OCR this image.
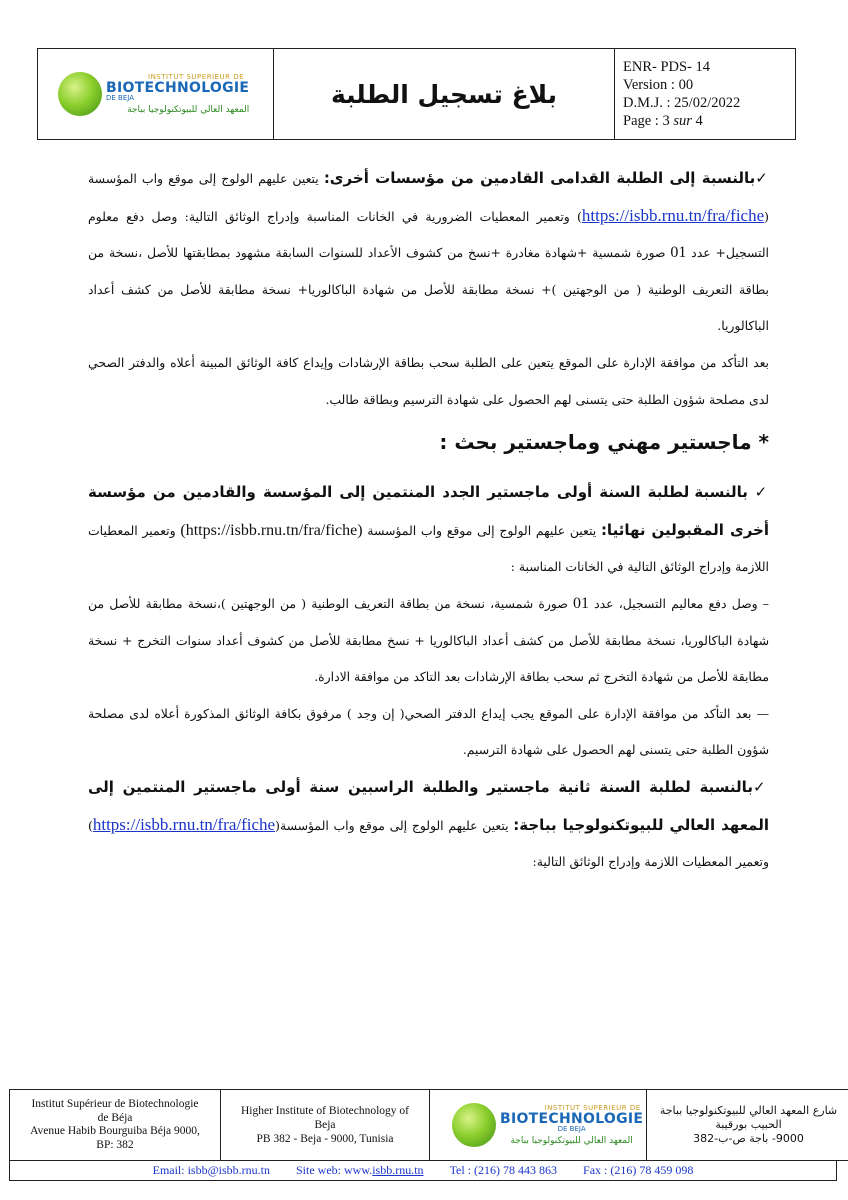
INSTITUT SUPERIEUR DE
BIOTECHNOLOGIE
DE BEJA
المعهد العالي للبيوتكنولوجيا بباجة
	بلاغ تسجيل الطلبة	
ENR- PDS- 14
Version : 00
D.M.J. : 25/02/2022
Page : 3 sur 4

✓بالنسبة إلى الطلبة القدامى القادمين من مؤسسات أخرى: يتعين عليهم الولوج إلى موقع واب المؤسسة (https://isbb.rnu.tn/fra/fiche) وتعمير المعطيات الضرورية في الخانات المناسبة وإدراج الوثائق التالية: وصل دفع معلوم التسجيل+ عدد 01 صورة شمسية +شهادة مغادرة +نسخ من كشوف الأعداد للسنوات السابقة مشهود بمطابقتها للأصل ،نسخة من بطاقة التعريف الوطنية ( من الوجهتين )+ نسخة مطابقة للأصل من شهادة الباكالوريا+ نسخة مطابقة للأصل من كشف أعداد الباكالوريا.

بعد التأكد من موافقة الإدارة على الموقع يتعين على الطلبة سحب بطاقة الإرشادات وإيداع كافة الوثائق المبينة أعلاه والدفتر الصحي لدى مصلحة شؤون الطلبة حتى يتسنى لهم الحصول على شهادة الترسيم وبطاقة طالب.

* ماجستير مهني وماجستير بحث :

✓ بالنسبة لطلبة السنة أولى ماجستير الجدد المنتمين إلى المؤسسة والقادمين من مؤسسة أخرى المقبولين نهائيا: يتعين عليهم الولوج إلى موقع واب المؤسسة (https://isbb.rnu.tn/fra/fiche) وتعمير المعطيات اللازمة وإدراج الوثائق التالية في الخانات المناسبة :

– وصل دفع معاليم التسجيل، عدد 01 صورة شمسية، نسخة من بطاقة التعريف الوطنية ( من الوجهتين )،نسخة مطابقة للأصل من شهادة الباكالوريا، نسخة مطابقة للأصل من كشف أعداد الباكالوريا + نسخ مطابقة للأصل من كشوف أعداد سنوات التخرج + نسخة مطابقة للأصل من شهادة التخرج ثم سحب بطاقة الإرشادات بعد التاكد من موافقة الادارة.

— بعد التأكد من موافقة الإدارة على الموقع يجب إيداع الدفتر الصحي( إن وجد ) مرفوق بكافة الوثائق المذكورة أعلاه لدى مصلحة شؤون الطلبة حتى يتسنى لهم الحصول على شهادة الترسيم.

✓بالنسبة لطلبة السنة ثانية ماجستير والطلبة الراسبين سنة أولى ماجستير المنتمين إلى المعهد العالي للبيوتكنولوجيا بباجة: يتعين عليهم الولوج إلى موقع واب المؤسسة(https://isbb.rnu.tn/fra/fiche) وتعمير المعطيات اللازمة وإدراج الوثائق التالية:

Institut Supérieur de Biotechnologie
de Béja
Avenue Habib Bourguiba Béja 9000,
BP: 382

Higher Institute of Biotechnology of
Beja
PB 382 - Beja - 9000, Tunisia

INSTITUT SUPERIEUR DE
BIOTECHNOLOGIE
DE BEJA
المعهد العالي للبيوتكنولوجيا بباجة

شارع المعهد العالي للبيوتكنولوجيا بباجة
الحبيب بورقيبة
9000- باجة ص-ب-382
Email: isbb@isbb.rnu.tn Site web: www.isbb.rnu.tn Tel : (216) 78 443 863 Fax : (216) 78 459 098
